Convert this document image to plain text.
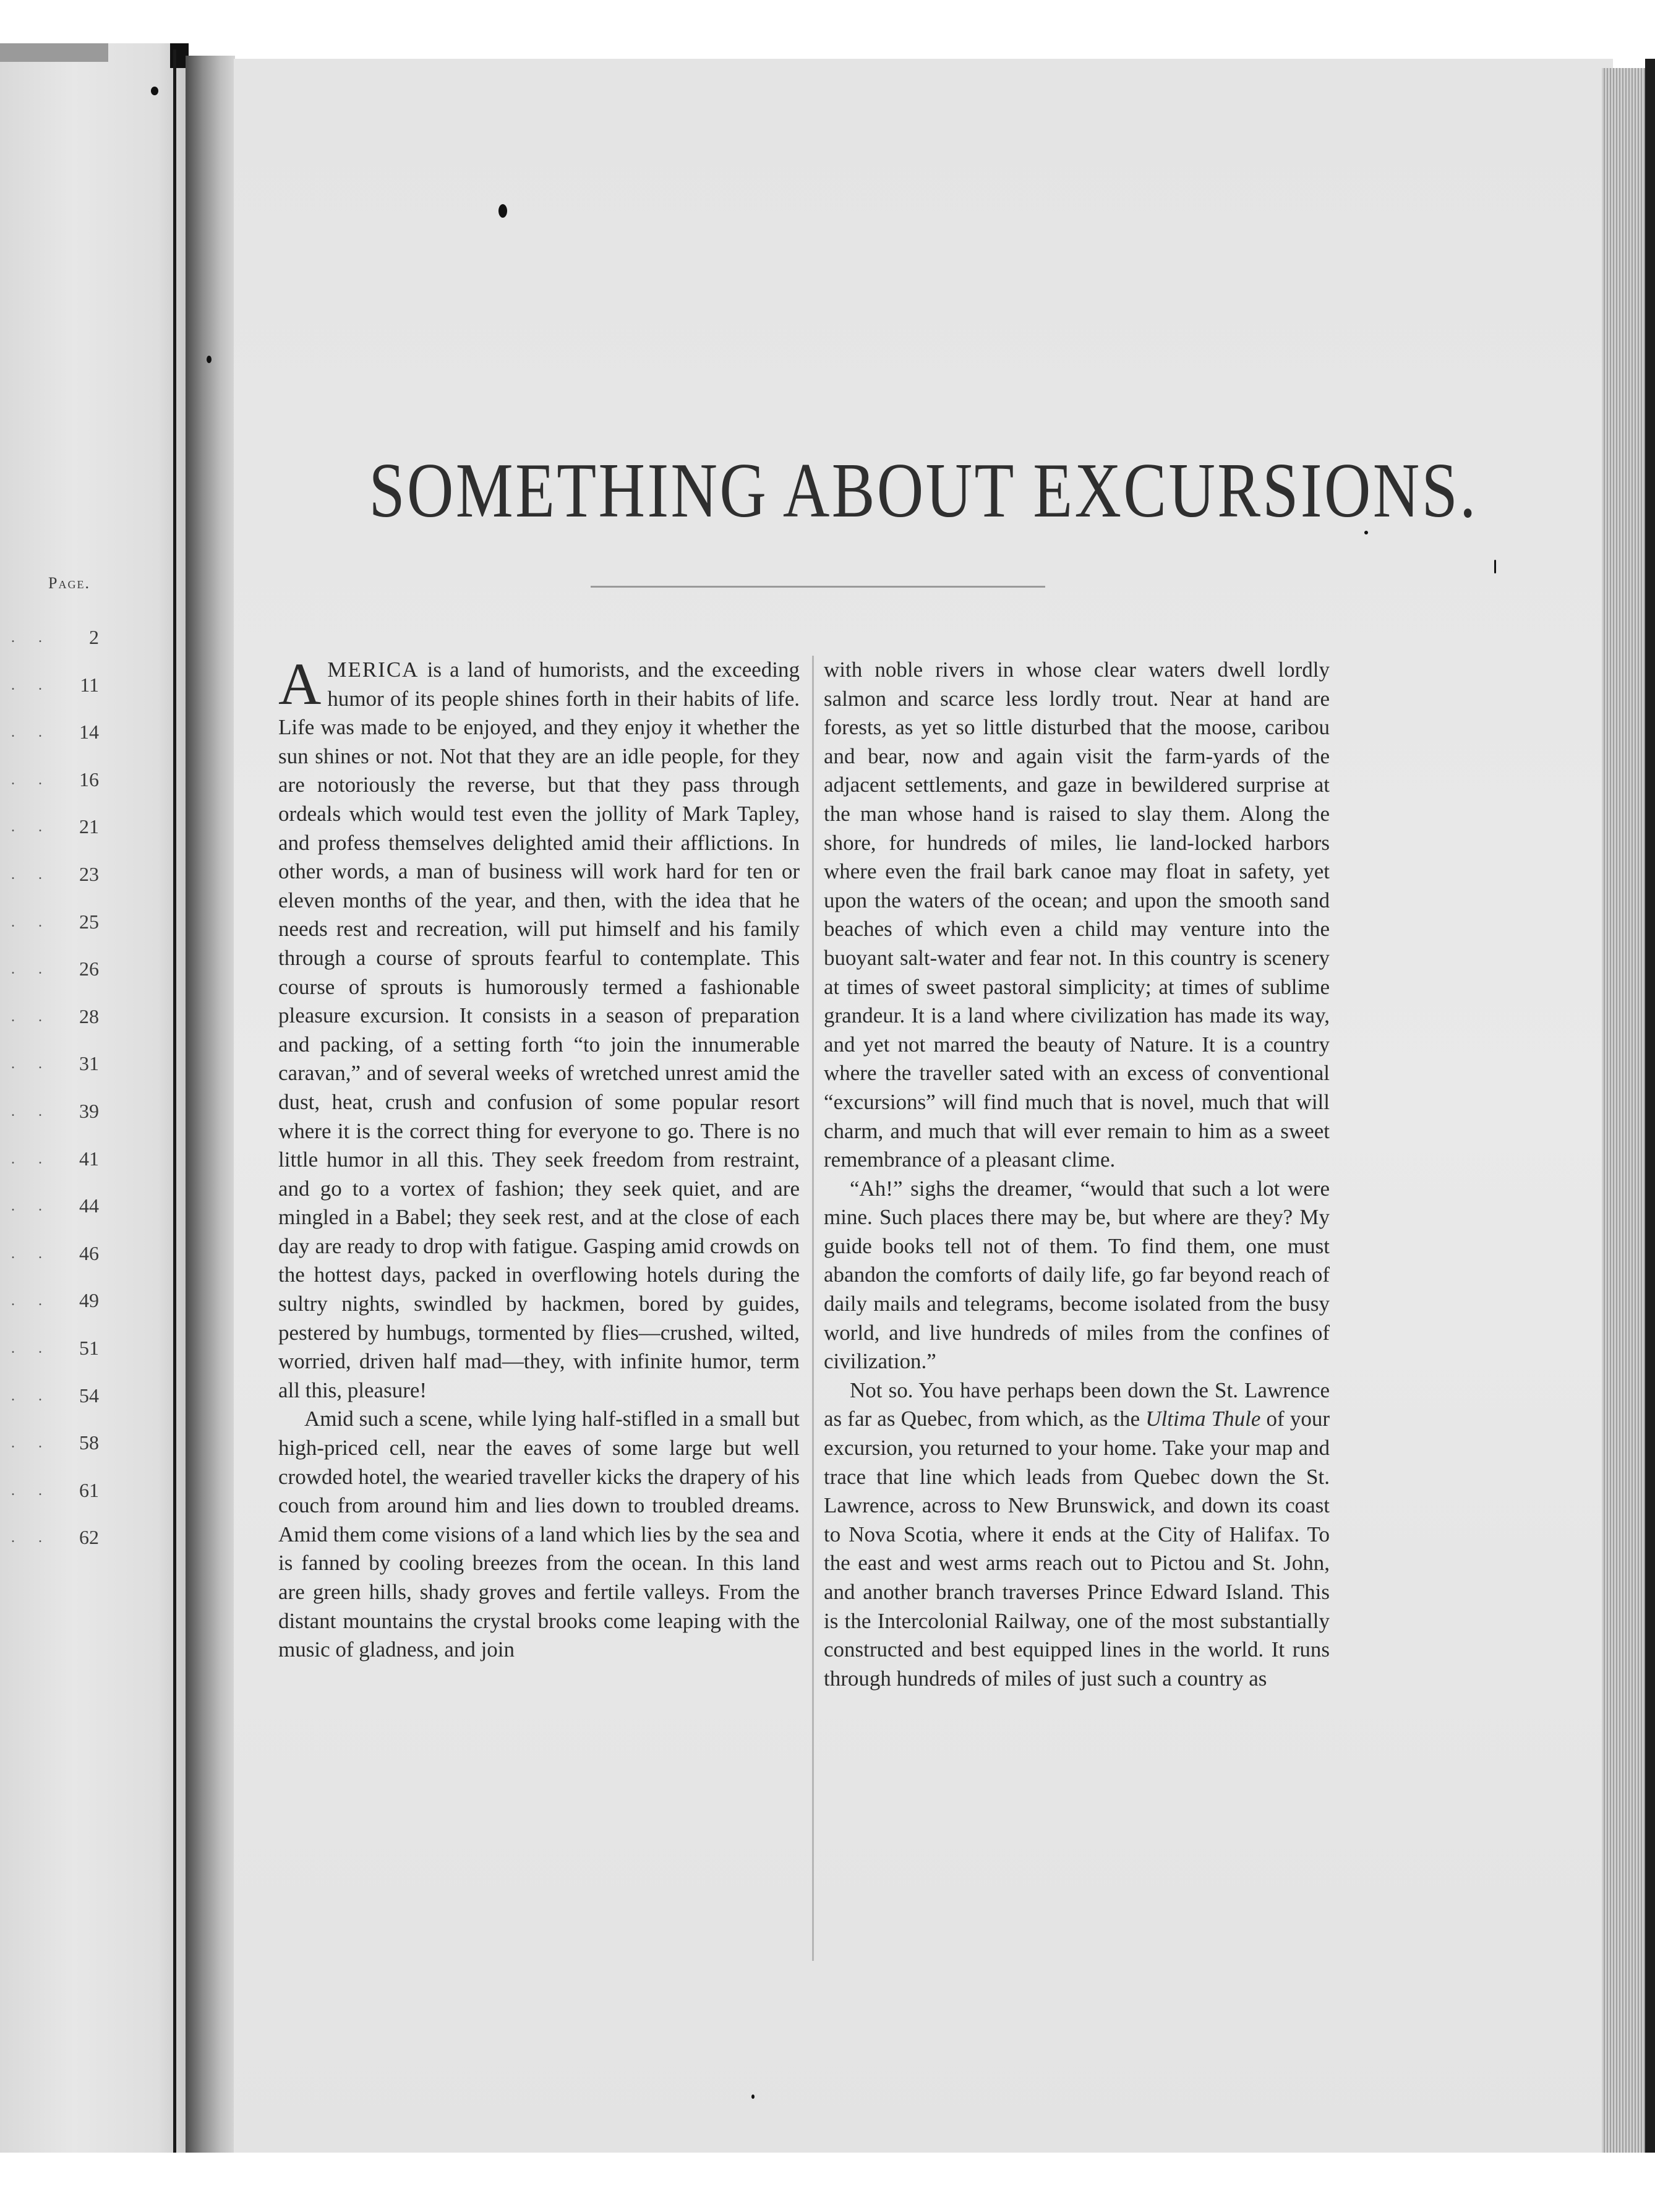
Page.
. . 2
. . 11
. . 14
. . 16
. . 21
. . 23
. . 25
. . 26
. . 28
. . 31
. . 39
. . 41
. . 44
. . 46
. . 49
. . 51
. . 54
. . 58
. . 61
. . 62
SOMETHING ABOUT EXCURSIONS.

AMERICA is a land of humorists, and the exceeding humor of its people shines forth in their habits of life. Life was made to be enjoyed, and they enjoy it whether the sun shines or not. Not that they are an idle people, for they are notoriously the reverse, but that they pass through ordeals which would test even the jollity of Mark Tapley, and profess themselves delighted amid their afflictions. In other words, a man of business will work hard for ten or eleven months of the year, and then, with the idea that he needs rest and recreation, will put himself and his family through a course of sprouts fearful to contemplate. This course of sprouts is humorously termed a fashionable pleasure excursion. It consists in a season of preparation and packing, of a setting forth “to join the innumerable caravan,” and of several weeks of wretched unrest amid the dust, heat, crush and confusion of some popular resort where it is the correct thing for everyone to go. There is no little humor in all this. They seek freedom from restraint, and go to a vortex of fashion; they seek quiet, and are mingled in a Babel; they seek rest, and at the close of each day are ready to drop with fatigue. Gasping amid crowds on the hottest days, packed in overflowing hotels during the sultry nights, swindled by hackmen, bored by guides, pestered by humbugs, tormented by flies—crushed, wilted, worried, driven half mad—they, with infinite humor, term all this, pleasure!

Amid such a scene, while lying half-stifled in a small but high-priced cell, near the eaves of some large but well crowded hotel, the wearied traveller kicks the drapery of his couch from around him and lies down to troubled dreams. Amid them come visions of a land which lies by the sea and is fanned by cooling breezes from the ocean. In this land are green hills, shady groves and fertile valleys. From the distant mountains the crystal brooks come leaping with the music of gladness, and join

with noble rivers in whose clear waters dwell lordly salmon and scarce less lordly trout. Near at hand are forests, as yet so little disturbed that the moose, caribou and bear, now and again visit the farm-yards of the adjacent settlements, and gaze in bewildered surprise at the man whose hand is raised to slay them. Along the shore, for hundreds of miles, lie land-locked harbors where even the frail bark canoe may float in safety, yet upon the waters of the ocean; and upon the smooth sand beaches of which even a child may venture into the buoyant salt-water and fear not. In this country is scenery at times of sweet pastoral simplicity; at times of sublime grandeur. It is a land where civilization has made its way, and yet not marred the beauty of Nature. It is a country where the traveller sated with an excess of conventional “excursions” will find much that is novel, much that will charm, and much that will ever remain to him as a sweet remembrance of a pleasant clime.

“Ah!” sighs the dreamer, “would that such a lot were mine. Such places there may be, but where are they? My guide books tell not of them. To find them, one must abandon the comforts of daily life, go far beyond reach of daily mails and telegrams, become isolated from the busy world, and live hundreds of miles from the confines of civilization.”

Not so. You have perhaps been down the St. Lawrence as far as Quebec, from which, as the Ultima Thule of your excursion, you returned to your home. Take your map and trace that line which leads from Quebec down the St. Lawrence, across to New Brunswick, and down its coast to Nova Scotia, where it ends at the City of Halifax. To the east and west arms reach out to Pictou and St. John, and another branch traverses Prince Edward Island. This is the Intercolonial Railway, one of the most substantially constructed and best equipped lines in the world. It runs through hundreds of miles of just such a country as
